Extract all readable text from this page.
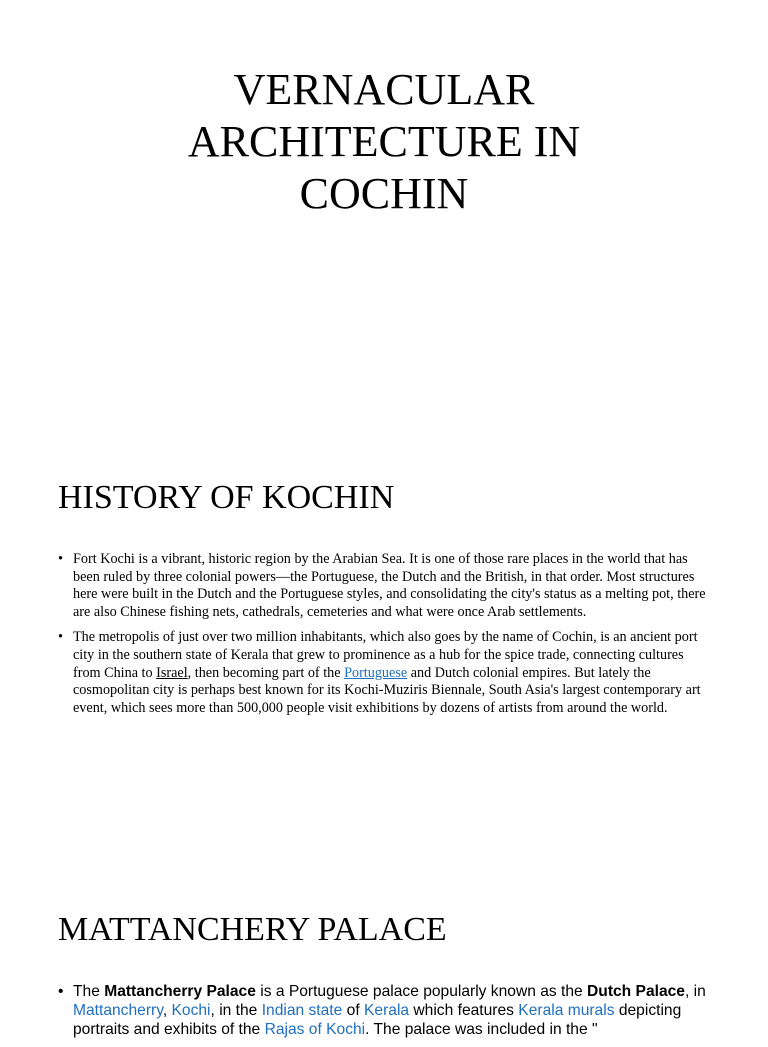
VERNACULAR
ARCHITECTURE IN
COCHIN
HISTORY OF KOCHIN
• Fort Kochi is a vibrant, historic region by the Arabian Sea. It is one of those rare places in the world that has been ruled by three colonial powers—the Portuguese, the Dutch and the British, in that order. Most structures here were built in the Dutch and the Portuguese styles, and consolidating the city's status as a melting pot, there are also Chinese fishing nets, cathedrals, cemeteries and what were once Arab settlements.
• The metropolis of just over two million inhabitants, which also goes by the name of Cochin, is an ancient port city in the southern state of Kerala that grew to prominence as a hub for the spice trade, connecting cultures from China to Israel, then becoming part of the Portuguese and Dutch colonial empires. But lately the cosmopolitan city is perhaps best known for its Kochi-Muziris Biennale, South Asia's largest contemporary art event, which sees more than 500,000 people visit exhibitions by dozens of artists from around the world.
MATTANCHERY PALACE
• The Mattancherry Palace is a Portuguese palace popularly known as the Dutch Palace, in Mattancherry, Kochi, in the Indian state of Kerala which features Kerala murals depicting portraits and exhibits of the Rajas of Kochi. The palace was included in the "
